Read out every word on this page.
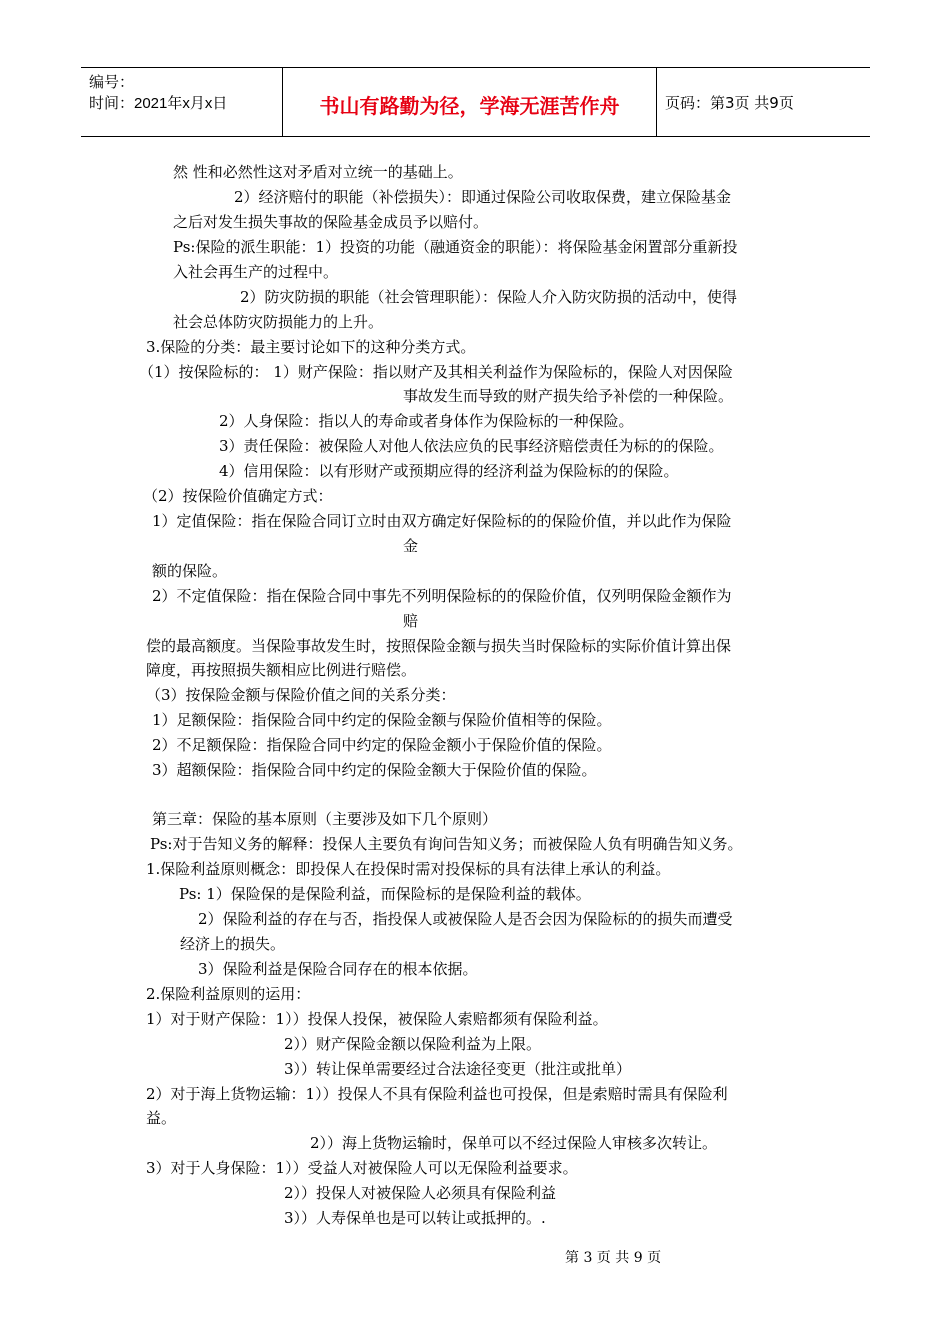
编号：
时间：2021年x月x日	书山有路勤为径，学海无涯苦作舟	页码：第3页 共9页
然 性和必然性这对矛盾对立统一的基础上。
2）经济赔付的职能（补偿损失）：即通过保险公司收取保费，建立保险基金
之后对发生损失事故的保险基金成员予以赔付。
Ps:保险的派生职能：1）投资的功能（融通资金的职能）：将保险基金闲置部分重新投
入社会再生产的过程中。
2）防灾防损的职能（社会管理职能）：保险人介入防灾防损的活动中，使得
社会总体防灾防损能力的上升。
3.保险的分类：最主要讨论如下的这种分类方式。
（1）按保险标的： 1）财产保险：指以财产及其相关利益作为保险标的，保险人对因保险
事故发生而导致的财产损失给予补偿的一种保险。
2）人身保险：指以人的寿命或者身体作为保险标的一种保险。
3）责任保险：被保险人对他人依法应负的民事经济赔偿责任为标的的保险。
4）信用保险：以有形财产或预期应得的经济利益为保险标的的保险。
（2）按保险价值确定方式：
1）定值保险：指在保险合同订立时由双方确定好保险标的的保险价值，并以此作为保险
金
额的保险。
2）不定值保险：指在保险合同中事先不列明保险标的的保险价值，仅列明保险金额作为
赔
偿的最高额度。当保险事故发生时，按照保险金额与损失当时保险标的实际价值计算出保
障度，再按照损失额相应比例进行赔偿。
（3）按保险金额与保险价值之间的关系分类：
1）足额保险：指保险合同中约定的保险金额与保险价值相等的保险。
2）不足额保险：指保险合同中约定的保险金额小于保险价值的保险。
3）超额保险：指保险合同中约定的保险金额大于保险价值的保险。
第三章：保险的基本原则（主要涉及如下几个原则）
Ps:对于告知义务的解释：投保人主要负有询问告知义务；而被保险人负有明确告知义务。
1.保险利益原则概念：即投保人在投保时需对投保标的具有法律上承认的利益。
Ps: 1）保险保的是保险利益，而保险标的是保险利益的载体。
2）保险利益的存在与否，指投保人或被保险人是否会因为保险标的的损失而遭受
经济上的损失。
3）保险利益是保险合同存在的根本依据。
2.保险利益原则的运用：
1）对于财产保险：1））投保人投保，被保险人索赔都须有保险利益。
2））财产保险金额以保险利益为上限。
3））转让保单需要经过合法途径变更（批注或批单）
2）对于海上货物运输：1））投保人不具有保险利益也可投保，但是索赔时需具有保险利
益。
2））海上货物运输时，保单可以不经过保险人审核多次转让。
3）对于人身保险：1））受益人对被保险人可以无保险利益要求。
2））投保人对被保险人必须具有保险利益
3））人寿保单也是可以转让或抵押的。.
第 3 页 共 9 页
